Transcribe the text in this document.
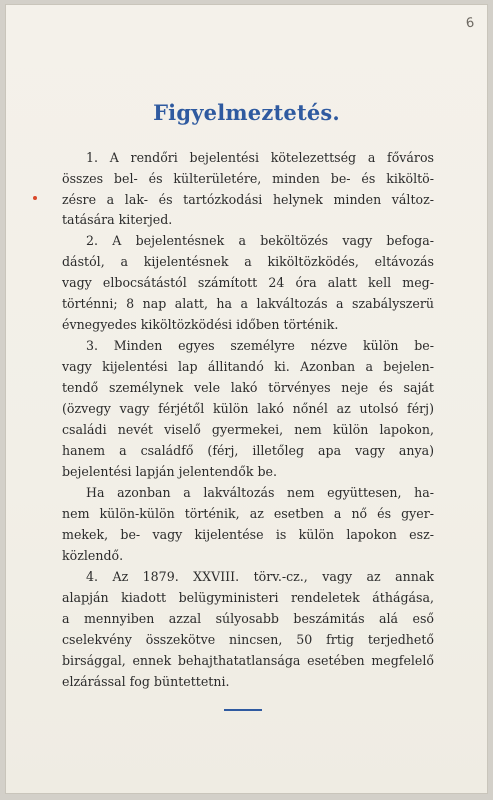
6
Figyelmeztetés.
1. A rendőri bejelentési kötelezettség a főváros
összes bel- és külterületére, minden be- és kiköltö-
zésre a lak- és tartózkodási helynek minden változ-
tatására kiterjed.
2. A bejelentésnek a beköltözés vagy befoga-
dástól, a kijelentésnek a kiköltözködés, eltávozás
vagy elbocsátástól számított 24 óra alatt kell meg-
történni; 8 nap alatt, ha a lakváltozás a szabályszerü
évnegyedes kiköltözködési időben történik.
3. Minden egyes személyre nézve külön be-
vagy kijelentési lap állitandó ki. Azonban a bejelen-
tendő személynek vele lakó törvényes neje és saját
(özvegy vagy férjétől külön lakó nőnél az utolsó férj)
családi nevét viselő gyermekei, nem külön lapokon,
hanem a családfő (férj, illetőleg apa vagy anya)
bejelentési lapján jelentendők be.
Ha azonban a lakváltozás nem együttesen, ha-
nem külön-külön történik, az esetben a nő és gyer-
mekek, be- vagy kijelentése is külön lapokon esz-
közlendő.
4. Az 1879. XXVIII. törv.-cz., vagy az annak
alapján kiadott belügyministeri rendeletek áthágása,
a mennyiben azzal súlyosabb beszámitás alá eső
cselekvény összekötve nincsen, 50 frtig terjedhető
birsággal, ennek behajthatatlansága esetében megfelelő
elzárással fog büntettetni.
